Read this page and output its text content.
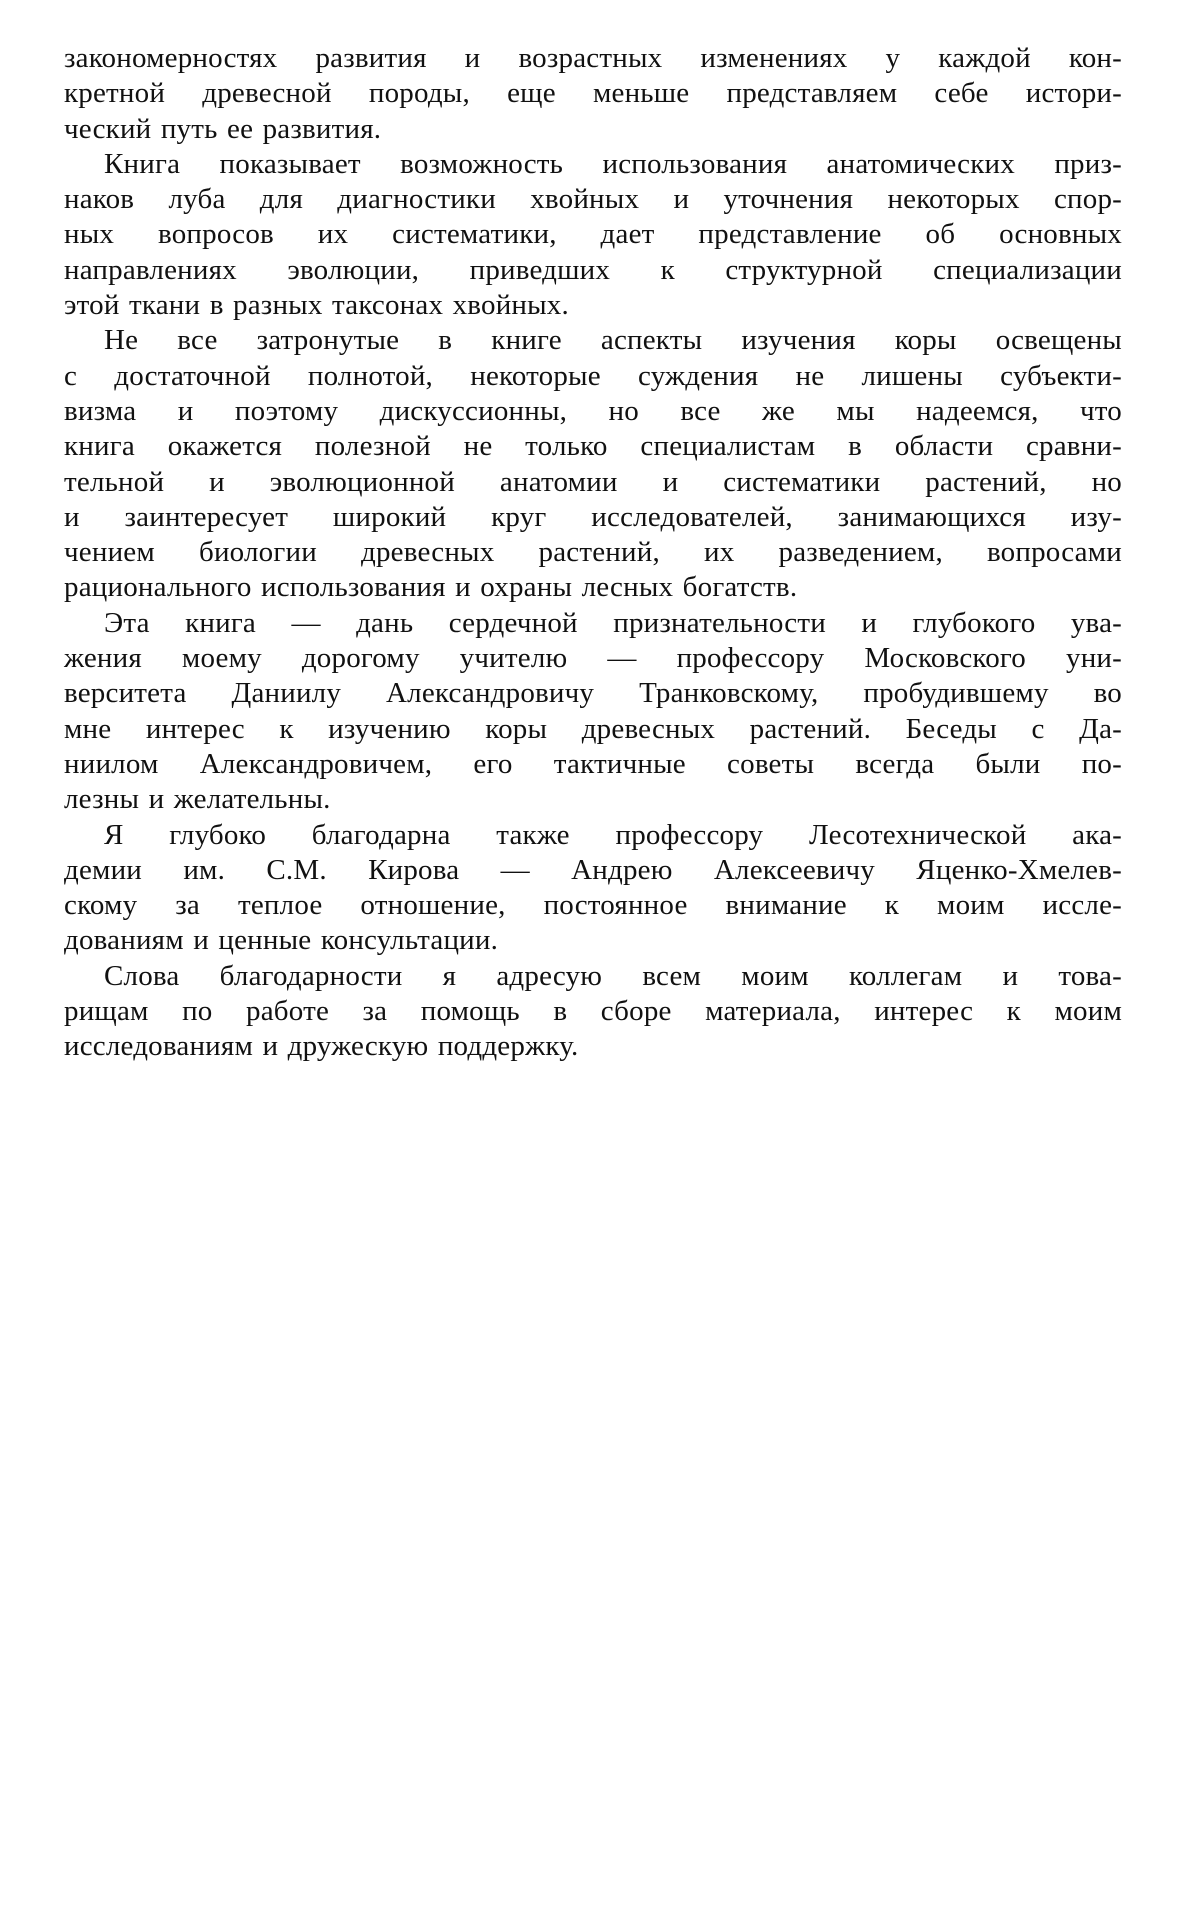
закономерностях развития и возрастных изменениях у каждой кон-
кретной древесной породы, еще меньше представляем себе истори-
ческий путь ее развития.

Книга показывает возможность использования анатомических приз-
наков луба для диагностики хвойных и уточнения некоторых спор-
ных вопросов их систематики, дает представление об основных
направлениях эволюции, приведших к структурной специализации
этой ткани в разных таксонах хвойных.

Не все затронутые в книге аспекты изучения коры освещены
с достаточной полнотой, некоторые суждения не лишены субъекти-
визма и поэтому дискуссионны, но все же мы надеемся, что
книга окажется полезной не только специалистам в области сравни-
тельной и эволюционной анатомии и систематики растений, но
и заинтересует широкий круг исследователей, занимающихся изу-
чением биологии древесных растений, их разведением, вопросами
рационального использования и охраны лесных богатств.

Эта книга — дань сердечной признательности и глубокого ува-
жения моему дорогому учителю — профессору Московского уни-
верситета Даниилу Александровичу Транковскому, пробудившему во
мне интерес к изучению коры древесных растений. Беседы с Да-
ниилом Александровичем, его тактичные советы всегда были по-
лезны и желательны.

Я глубоко благодарна также профессору Лесотехнической ака-
демии им. С.М. Кирова — Андрею Алексеевичу Яценко-Хмелев-
скому за теплое отношение, постоянное внимание к моим иссле-
дованиям и ценные консультации.

Слова благодарности я адресую всем моим коллегам и това-
рищам по работе за помощь в сборе материала, интерес к моим
исследованиям и дружескую поддержку.
